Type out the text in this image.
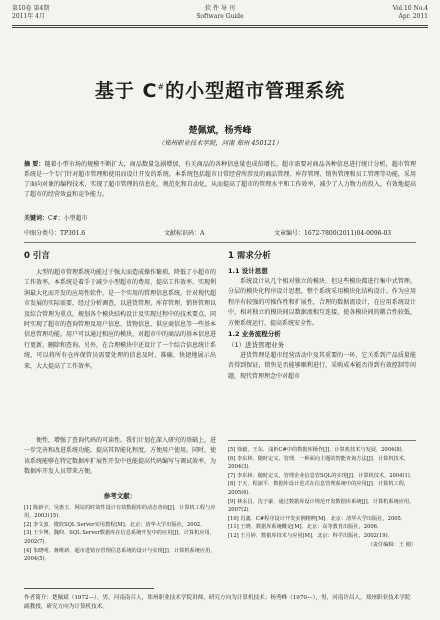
第10卷 第4期
2011年 4月
软 件 导 刊
Software Guide
Vol.10 No.4
Apr. 2011
基于 C#的小型超市管理系统
楚佩斌，杨秀峰
（郑州职业技术学院，河南 郑州 450121）
摘 要：随着小型市场的规模不断扩大，商品数量急剧增加，有关商品的各种信息量也成倍增长。超市需要对商品各种信息进行统计分析，超市管理系统是一个专门针对超市管理和使用而设计开发的系统。本系统包括超市日常经营所涉及的商品管理、库存管理、销售管理和员工管理等功能，采用了面向对象的编程技术，实现了超市管理的信息化、规范化和自动化，从而提高了超市的管理水平和工作效率，减少了人力物力的投入，有效地提高了超市的经营效益和竞争能力。
关键词：C#；小型超市
中图分类号：TP301.6	文献标识码：A	文章编号：1672-7800(2011)04-0096-03
0 引言
大型的超市管理系统功能过于强大而造成操作繁琐，降低了小超市的工作效率。本系统是着手于减少小型超市的费用、提高工作效率、实现利润最大化而开发的应用性软件，是一个实用的管理信息系统。针对现代超市发展的实际需要，经过分析调查，以进货管理、库存管理、销售管理以及综合管理为重点，规划各个模块结构设计及实现过程中的技术要点。同时实现了超市的查询管理及用户信息、货物信息、供应商信息等一些基本信息管理功能。用户可以通过相应的模块，对超市中的商品的基本信息进行更新、删除和查询。另外，在合理模块中还设计了一个综合信息统计系统，可以将所有仓库保管员需要处理的信息及时、准确、快捷地展示出来，大大提高了工作效率。
便性，增强了查询代码的可读性。我们计划在深入研究的基础上，进一步完善和改进系统功能，提高其智能化程度，方便用户使用。同时，使该系统能够在特定数据库扩展性开发中也能提高代码编写与调试效率，为数据库开发人员带来方便。
1 需求分析
1.1 设计思想
系统设计从几个相对独立的模块，但这些模块都进行集中式管理。分层的模块化程序设计思想，整个系统采用模块化结构设计。作为应用程序有较强的可操作性和扩展性，合理的数据流设计，在应用系统设计中，相对独立的模块间以数据流相互连接，使各模块间的耦合性较低，方便系统运行，提高系统安全性。
1.2 业务流程分析
（1）进货管理业务
进货管理是超市经营活动中及其重要的一环，它关系到产品质量能否得到保证，销售是否能够顺利进行，采购成本能否得到有效控制等问题，现代管理理念中对超市
参考文献：

[1] 陈新宇，吴惠玉．网站的时效性设计有效数据库的动态查询[J]．计算机工程与应用，2003(15)．

[2] 李文波．微软SQL Server实用教程[M]．北京：清华大学出版社，2002．

[3] 王少博，魏仰．SQL Server数据库在信息系统开发中的应用[J]．计算机应用，2002(7)．

[4] 朱晓明，蒋维新．超市进销存管理信息系统的设计与实现[J]．计算机系统应用，2004(5)．

[5] 徐毅，王东．浅析C#中的数据库操作[J]．计算机技术与发展，2004(8)．

[6] 李东林．随时定义、管理．一种面向主题的智能查询方法[J]．计算机技术，2004(3)．

[7] 李东林．随时定义，管理企业信息管SQL的实现[J]．计算机技术，2004(1)．

[8] 于天，程淑平．数据库设计范式在信息管理系统中的应用[J]．计算机工程，2005(6)．

[9] 林永昌，沈子豪．通过数据库设计规范开发数据库系统[J]．计算机系统应用，2007(2)．

[10] 肖鑫．C#程序设计开发实例精粹[M]．北京：清华大学出版社，2005．

[11] 王晓．数据库系统概论[M]．北京：高等教育出版社，2006．

[12] 王月婷．数据库技术与应用[M]．北京：科学出版社，2002(19)．

（责任编辑：王 刚）

作者简介：楚佩斌（1972—），男，河南南召人，郑州职业技术学院讲师，研究方向为计算机技术；杨秀峰（1970—），男，河南许昌人，郑州职业技术学院副教授，研究方向为计算机技术。
